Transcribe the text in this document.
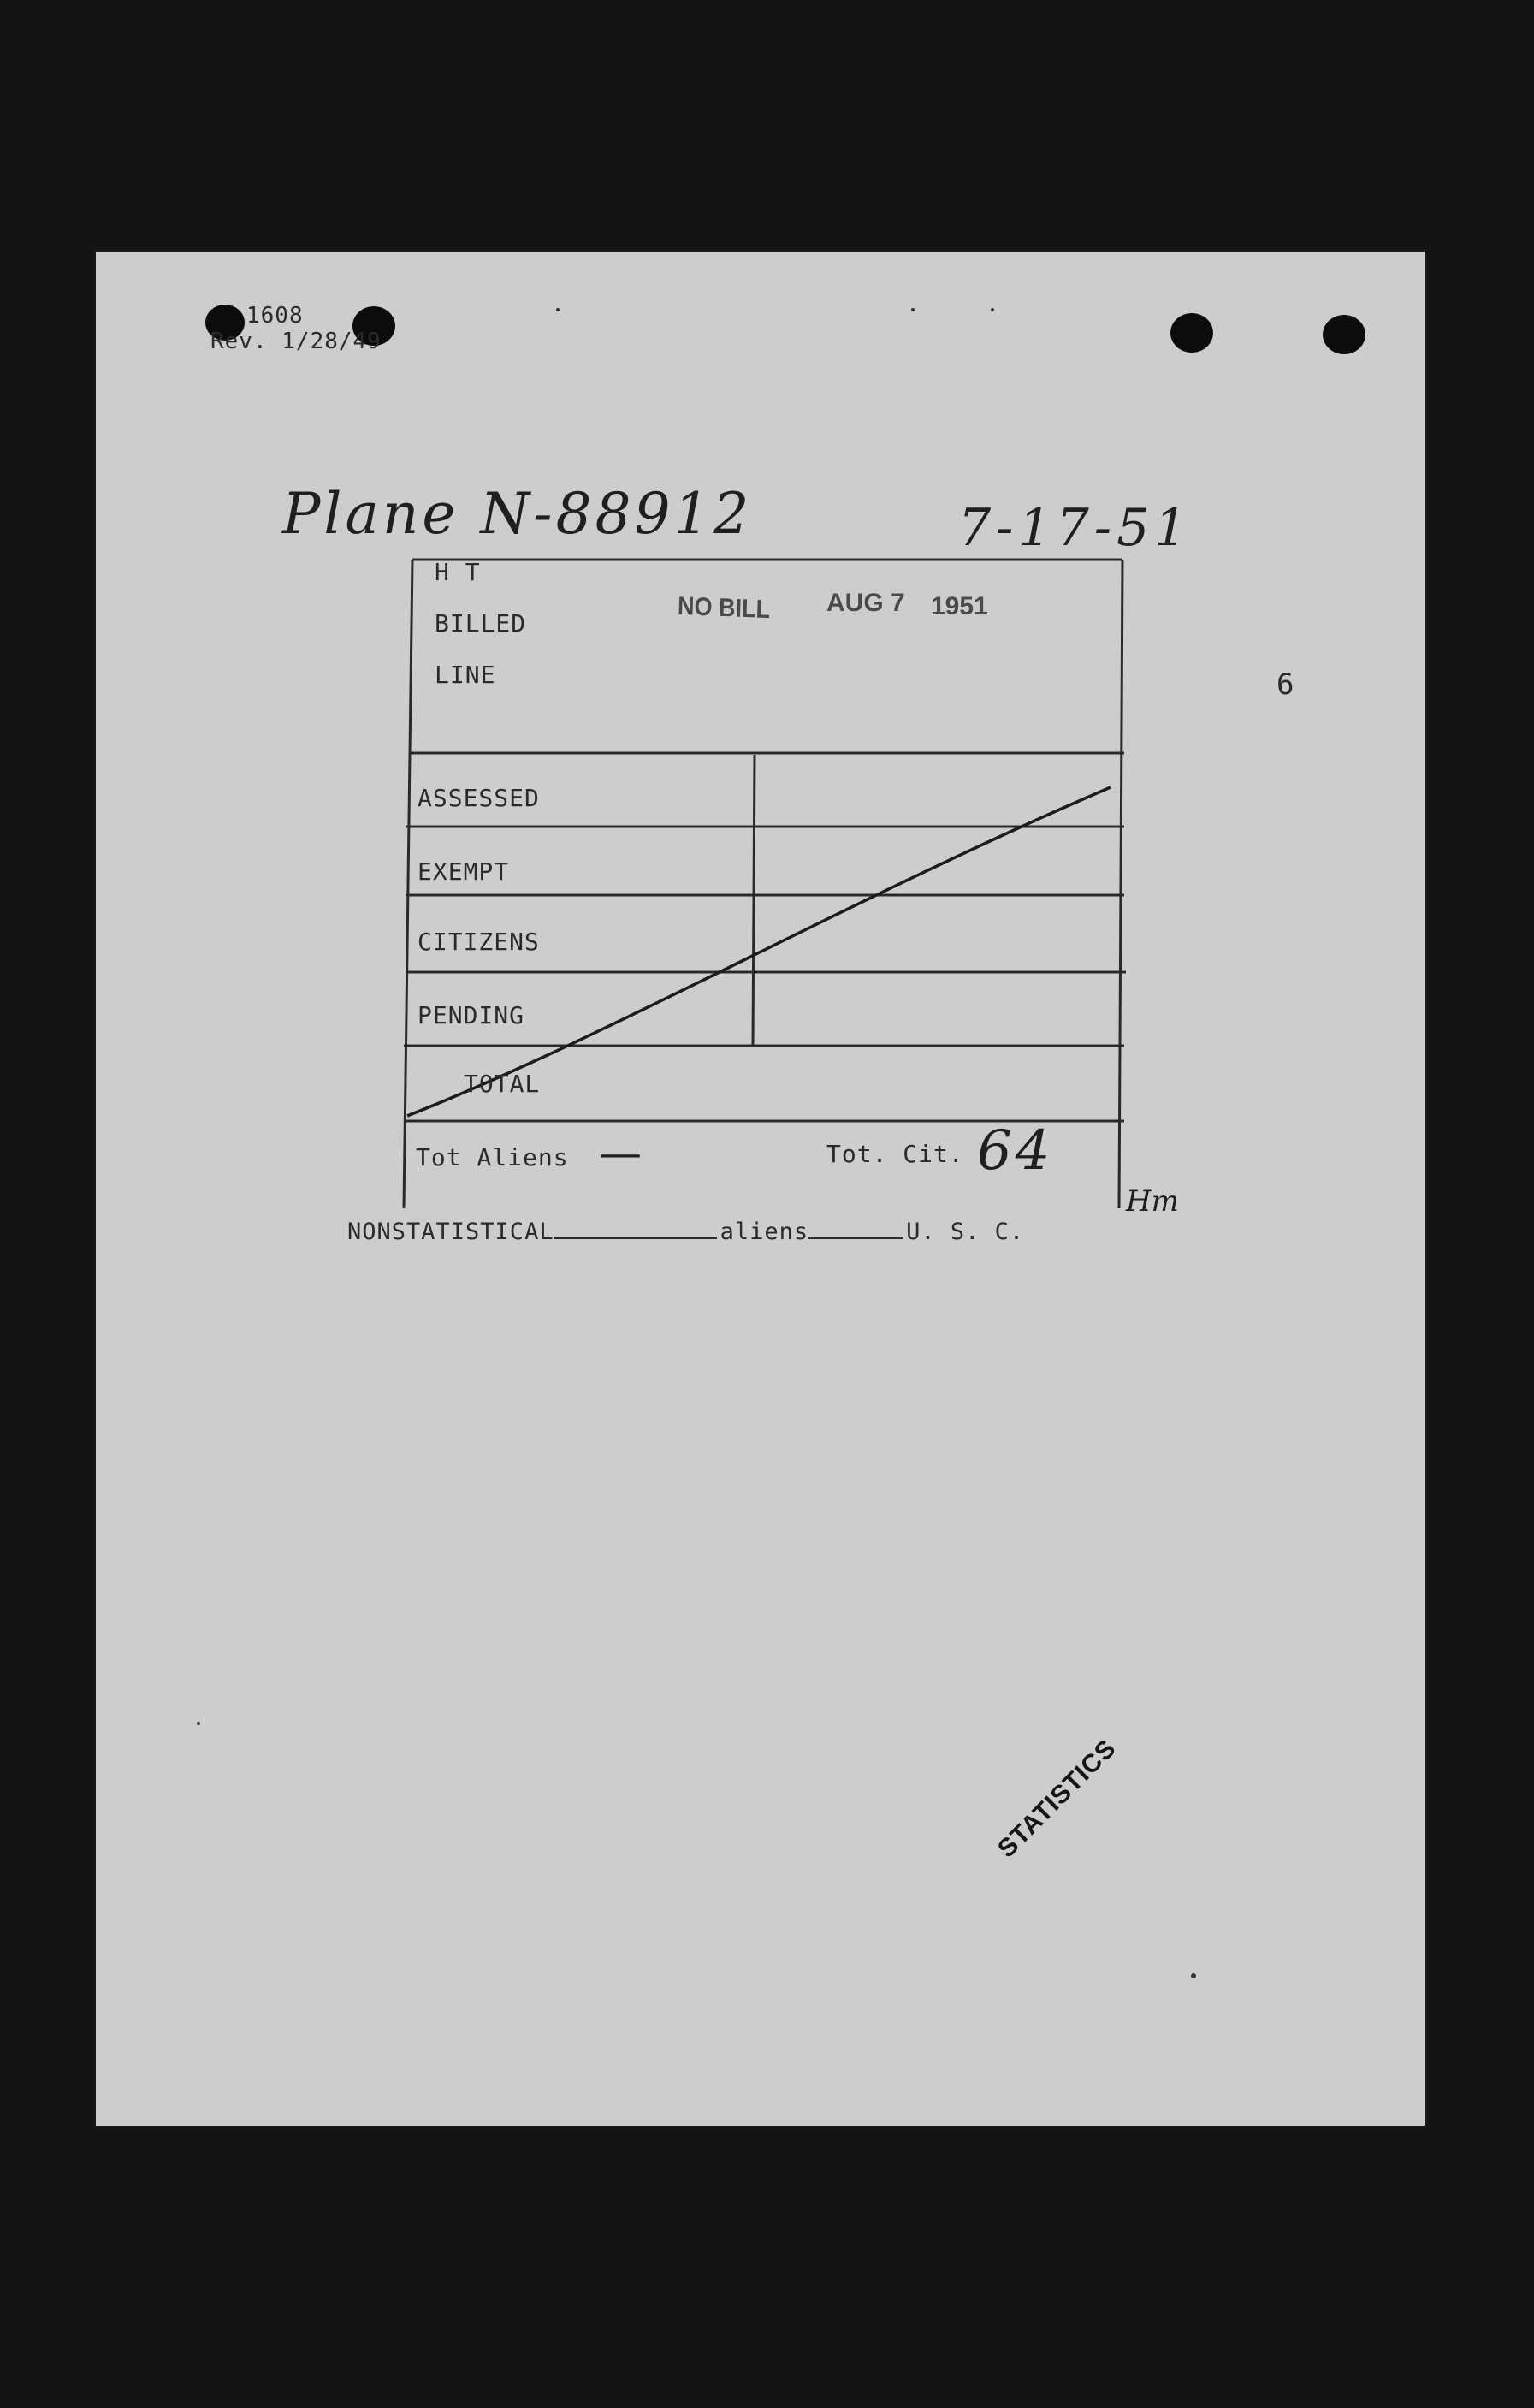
1608
Rev. 1/28/49
Plane N-88912	7-17-51
6
H T
BILLED
LINE
NO BILL AUG 7 1951
ASSESSED
EXEMPT
CITIZENS
PENDING
TOTAL
Tot Aliens —	Tot. Cit. 64
Hm
NONSTATISTICAL	aliens	U. S. C.
STATISTICS
